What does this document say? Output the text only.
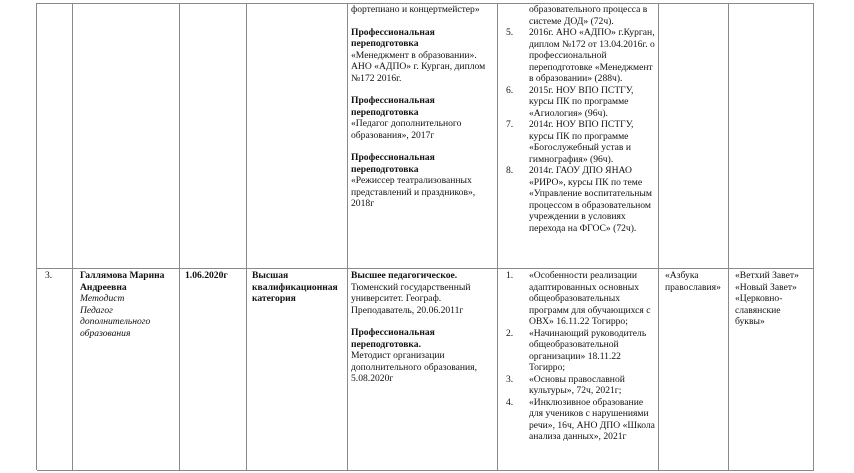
фортепиано и концертмейстер»

Профессиональная переподготовка

«Менеджмент в образовании». АНО «АДПО» г. Курган, диплом №172 2016г.

Профессиональная переподготовка

«Педагог дополнительного образования», 2017г

Профессиональная переподготовка

«Режиссер театрализованных представлений и праздников», 2018г

образовательного процесса в системе ДОД» (72ч).

5. 2016г. АНО «АДПО» г.Курган, диплом №172 от 13.04.2016г. о профессиональной переподготовке «Менеджмент в образовании» (288ч).
6. 2015г. НОУ ВПО ПСТГУ, курсы ПК по программе «Агиология» (96ч).
7. 2014г. НОУ ВПО ПСТГУ, курсы ПК по программе «Богослужебный устав и гимнография» (96ч).
8. 2014г. ГАОУ ДПО ЯНАО «РИРО», курсы ПК по теме «Управление воспитательным процессом в образовательном учреждении в условиях перехода на ФГОС» (72ч).

3.	Галлямова Марина Андреевна

Методист

Педагог дополнительного образования

1.06.2020г	Высшая квалификационная категория

Высшее педагогическое.

Тюменский государственный университет. Географ. Преподаватель, 20.06.2011г

Профессиональная переподготовка.

Методист организации дополнительного образования, 5.08.2020г

1. «Особенности реализации адаптированных основных общеобразовательных программ для обучающихся с ОВХ» 16.11.22 Тогирро;
2. «Начинающий руководитель общеобразовательной организации» 18.11.22 Тогирро;
3. «Основы православной культуры», 72ч, 2021г;
4. «Инклюзивное образование для учеников с нарушениями речи», 16ч, АНО ДПО «Школа анализа данных», 2021г

«Азбука православия»

«Ветхий Завет»

«Новый Завет»

«Церковно-славянские буквы»
